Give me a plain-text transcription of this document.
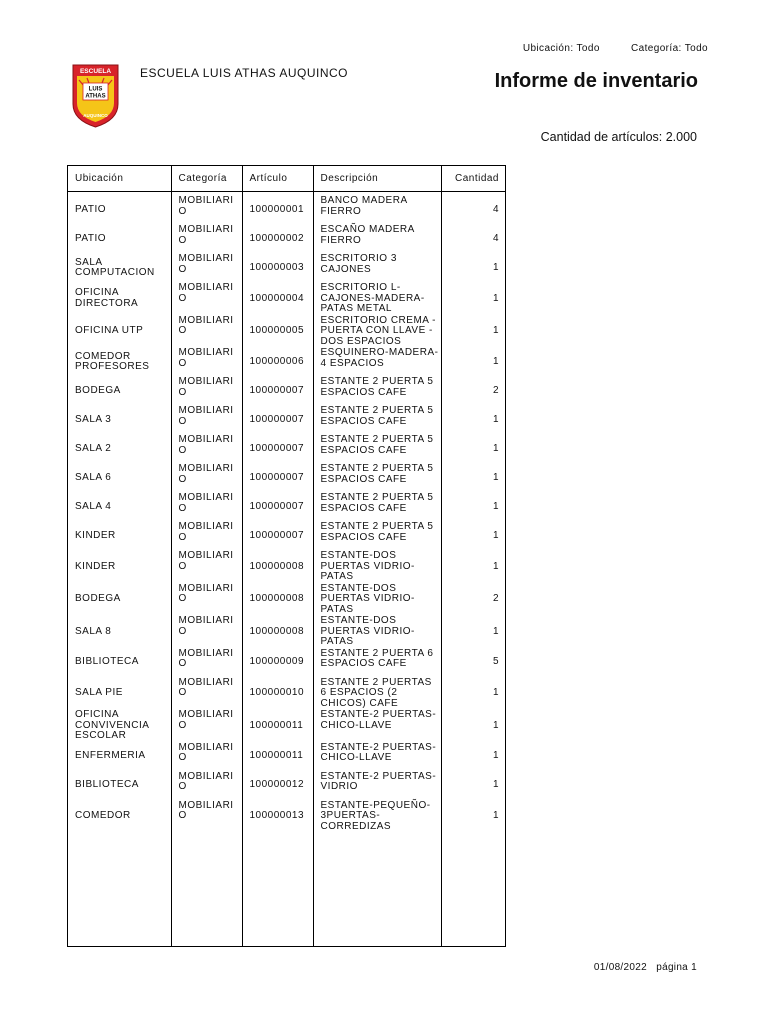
Ubicación: Todo	Categoría: Todo
ESCUELA
LUIS
ATHAS
AUQUINCO
ESCUELA LUIS ATHAS AUQUINCO	Informe de inventario
Cantidad de artículos: 2.000
Ubicación	Categoría	Artículo	Descripción	Cantidad
PATIO	MOBILIARIO	100000001	BANCO MADERA FIERRO	4
PATIO	MOBILIARIO	100000002	ESCAÑO MADERA FIERRO	4
SALA COMPUTACION	MOBILIARIO	100000003	ESCRITORIO 3 CAJONES	1
OFICINA DIRECTORA	MOBILIARIO	100000004	ESCRITORIO L-CAJONES-MADERA-PATAS METAL	1
OFICINA UTP	MOBILIARIO	100000005	ESCRITORIO CREMA - PUERTA CON LLAVE - DOS ESPACIOS	1
COMEDOR PROFESORES	MOBILIARIO	100000006	ESQUINERO-MADERA-4 ESPACIOS	1
BODEGA	MOBILIARIO	100000007	ESTANTE 2 PUERTA 5 ESPACIOS CAFE	2
SALA 3	MOBILIARIO	100000007	ESTANTE 2 PUERTA 5 ESPACIOS CAFE	1
SALA 2	MOBILIARIO	100000007	ESTANTE 2 PUERTA 5 ESPACIOS CAFE	1
SALA 6	MOBILIARIO	100000007	ESTANTE 2 PUERTA 5 ESPACIOS CAFE	1
SALA 4	MOBILIARIO	100000007	ESTANTE 2 PUERTA 5 ESPACIOS CAFE	1
KINDER	MOBILIARIO	100000007	ESTANTE 2 PUERTA 5 ESPACIOS CAFE	1
KINDER	MOBILIARIO	100000008	ESTANTE-DOS PUERTAS VIDRIO-PATAS	1
BODEGA	MOBILIARIO	100000008	ESTANTE-DOS PUERTAS VIDRIO-PATAS	2
SALA 8	MOBILIARIO	100000008	ESTANTE-DOS PUERTAS VIDRIO-PATAS	1
BIBLIOTECA	MOBILIARIO	100000009	ESTANTE 2 PUERTA 6 ESPACIOS CAFE	5
SALA PIE	MOBILIARIO	100000010	ESTANTE 2 PUERTAS 6 ESPACIOS (2 CHICOS) CAFE	1
OFICINA CONVIVENCIA ESCOLAR	MOBILIARIO	100000011	ESTANTE-2 PUERTAS-CHICO-LLAVE	1
ENFERMERIA	MOBILIARIO	100000011	ESTANTE-2 PUERTAS-CHICO-LLAVE	1
BIBLIOTECA	MOBILIARIO	100000012	ESTANTE-2 PUERTAS-VIDRIO	1
COMEDOR	MOBILIARIO	100000013	ESTANTE-PEQUEÑO-3PUERTAS-CORREDIZAS	1

01/08/2022 página 1
